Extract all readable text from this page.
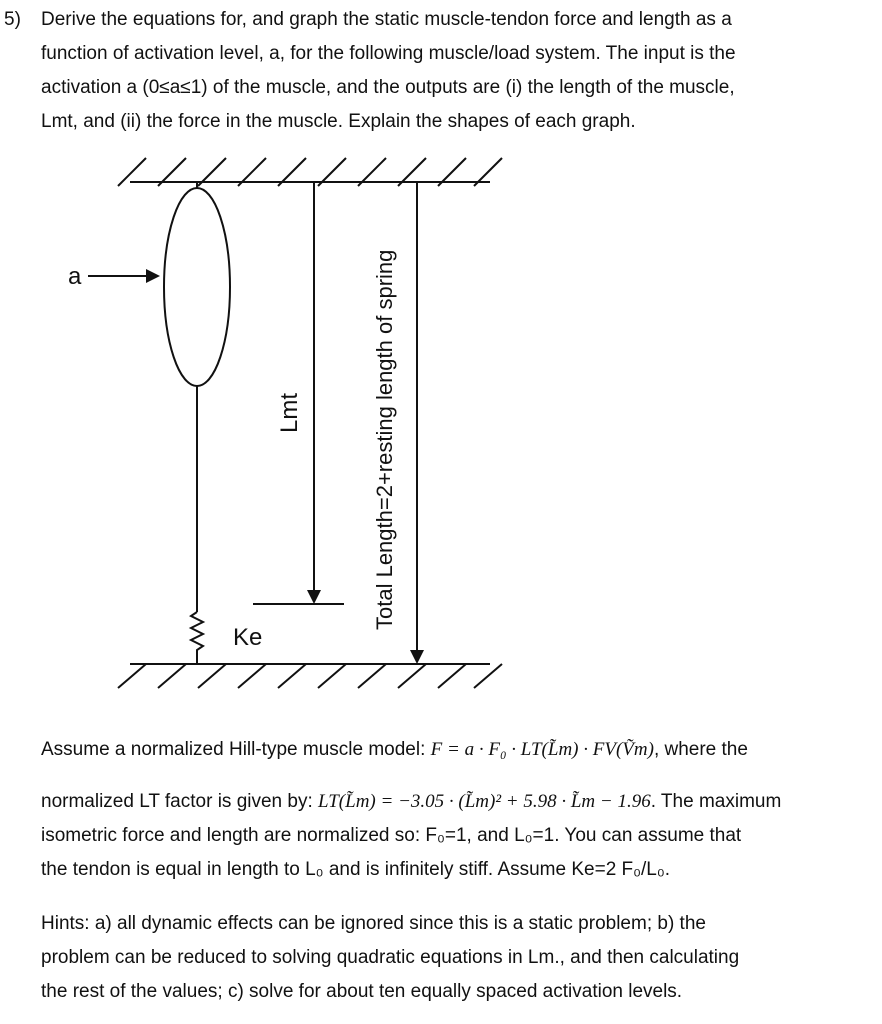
5) Derive the equations for, and graph the static muscle-tendon force and length as a
function of activation level, a, for the following muscle/load system. The input is the
activation a (0≤a≤1) of the muscle, and the outputs are (i) the length of the muscle,
Lmt, and (ii) the force in the muscle. Explain the shapes of each graph.
a
Ke
Lmt	Total Length=2+resting length of spring
Assume a normalized Hill-type muscle model: F = a · F₀ · LT(L̃m) · FV(Ṽm), where the
normalized LT factor is given by: LT(L̃m) = −3.05 · (L̃m)² + 5.98 · L̃m − 1.96. The maximum
isometric force and length are normalized so: F₀=1, and L₀=1. You can assume that
the tendon is equal in length to L₀ and is infinitely stiff. Assume Ke=2 F₀/L₀.
Hints: a) all dynamic effects can be ignored since this is a static problem; b) the
problem can be reduced to solving quadratic equations in Lm., and then calculating
the rest of the values; c) solve for about ten equally spaced activation levels.
